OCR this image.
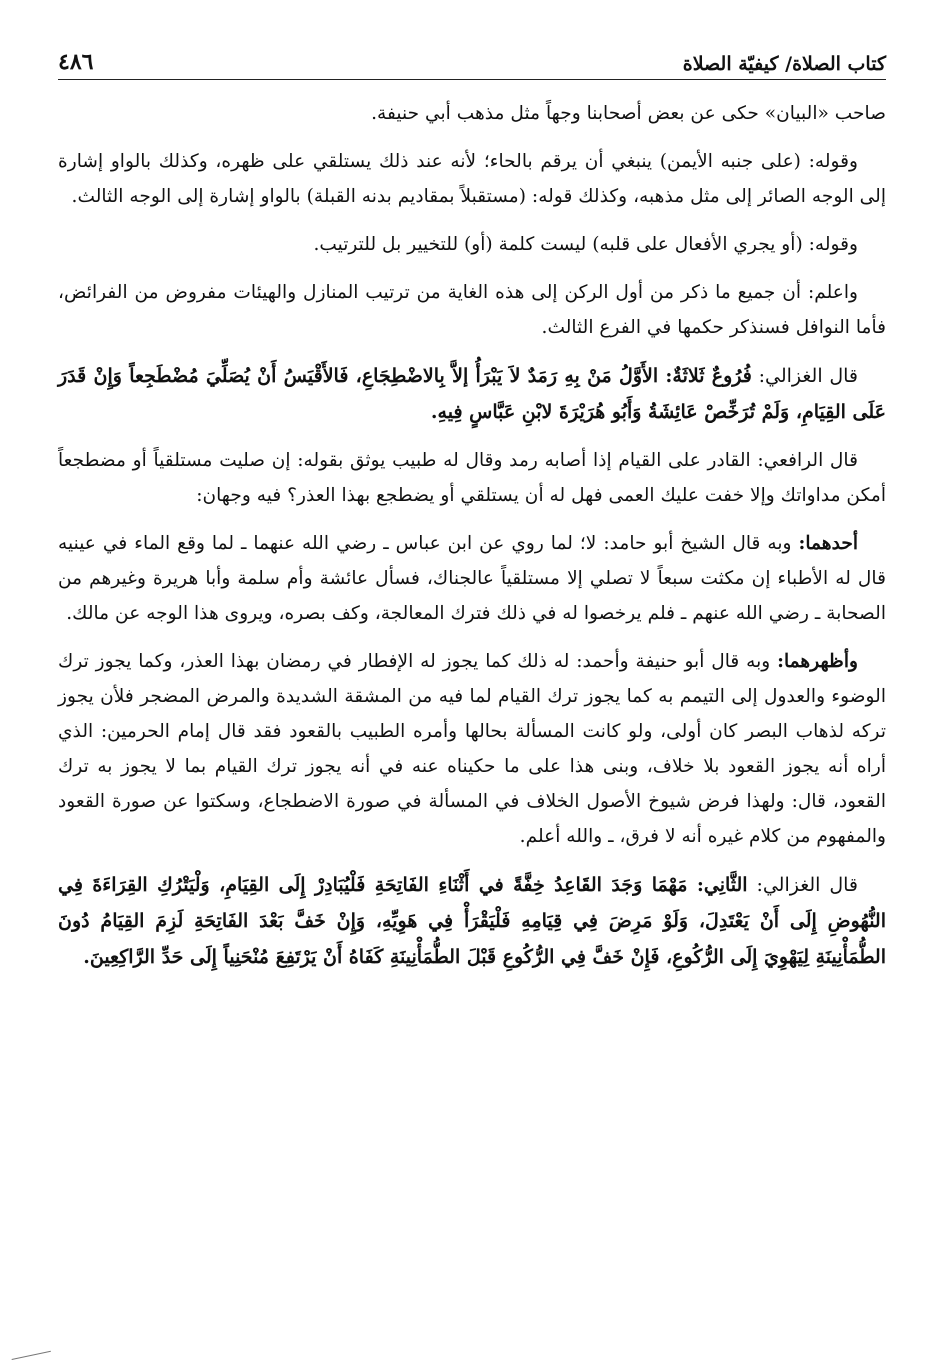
كتاب الصلاة/ كيفيّة الصلاة
٤٨٦

صاحب «البيان» حكى عن بعض أصحابنا وجهاً مثل مذهب أبي حنيفة.

وقوله: (على جنبه الأيمن) ينبغي أن يرقم بالحاء؛ لأنه عند ذلك يستلقي على ظهره، وكذلك بالواو إشارة إلى الوجه الصائر إلى مثل مذهبه، وكذلك قوله: (مستقبلاً بمقاديم بدنه القبلة) بالواو إشارة إلى الوجه الثالث.

وقوله: (أو يجري الأفعال على قلبه) ليست كلمة (أو) للتخيير بل للترتيب.

واعلم: أن جميع ما ذكر من أول الركن إلى هذه الغاية من ترتيب المنازل والهيئات مفروض من الفرائض، فأما النوافل فسنذكر حكمها في الفرع الثالث.

قال الغزالي: فُرُوعٌ ثَلاثَةٌ: الأَوَّلُ مَنْ بِهِ رَمَدٌ لاَ يَبْرَأُ إلاَّ بِالاضْطِجَاعِ، فَالأَقْيَسُ أَنْ يُصَلِّيَ مُضْطَجِعاً وَإِنْ قَدَرَ عَلَى القِيَامِ، وَلَمْ تُرَخِّصْ عَائِشَةُ وَأَبُو هُرَيْرَةَ لابْنِ عَبَّاسٍ فِيهِ.

قال الرافعي: القادر على القيام إذا أصابه رمد وقال له طبيب يوثق بقوله: إن صليت مستلقياً أو مضطجعاً أمكن مداواتك وإلا خفت عليك العمى فهل له أن يستلقي أو يضطجع بهذا العذر؟ فيه وجهان:

أحدهما: وبه قال الشيخ أبو حامد: لا؛ لما روي عن ابن عباس ـ رضي الله عنهما ـ لما وقع الماء في عينيه قال له الأطباء إن مكثت سبعاً لا تصلي إلا مستلقياً عالجناك، فسأل عائشة وأم سلمة وأبا هريرة وغيرهم من الصحابة ـ رضي الله عنهم ـ فلم يرخصوا له في ذلك فترك المعالجة، وكف بصره، ويروى هذا الوجه عن مالك.

وأظهرهما: وبه قال أبو حنيفة وأحمد: له ذلك كما يجوز له الإفطار في رمضان بهذا العذر، وكما يجوز ترك الوضوء والعدول إلى التيمم به كما يجوز ترك القيام لما فيه من المشقة الشديدة والمرض المضجر فلأن يجوز تركه لذهاب البصر كان أولى، ولو كانت المسألة بحالها وأمره الطبيب بالقعود فقد قال إمام الحرمين: الذي أراه أنه يجوز القعود بلا خلاف، وبنى هذا على ما حكيناه عنه في أنه يجوز ترك القيام بما لا يجوز به ترك القعود، قال: ولهذا فرض شيوخ الأصول الخلاف في المسألة في صورة الاضطجاع، وسكتوا عن صورة القعود والمفهوم من كلام غيره أنه لا فرق، ـ والله أعلم.

قال الغزالي: الثَّانِي: مَهْمَا وَجَدَ القَاعِدُ خِفَّةً في أَثْنَاءِ الفَاتِحَةِ فَلْيُبَادِرْ إِلَى القِيَامِ، وَلْيَتْرُكِ القِرَاءَةَ فِي النُّهُوضِ إِلَى أَنْ يَعْتَدِلَ، وَلَوْ مَرِضَ فِي قِيَامِهِ فَلْيَقْرَأْ فِي هَوِيِّهِ، وَإِنْ خَفَّ بَعْدَ الفَاتِحَةِ لَزِمَ القِيَامُ دُونَ الطُّمَأْنِينَةِ لِيَهْوِيَ إِلَى الرُّكُوعِ، فَإِنْ خَفَّ فِي الرُّكُوعِ قَبْلَ الطُّمَأْنِينَةِ كَفَاهُ أَنْ يَرْتَفِعَ مُنْحَنِياً إِلَى حَدِّ الرَّاكِعِينَ.
